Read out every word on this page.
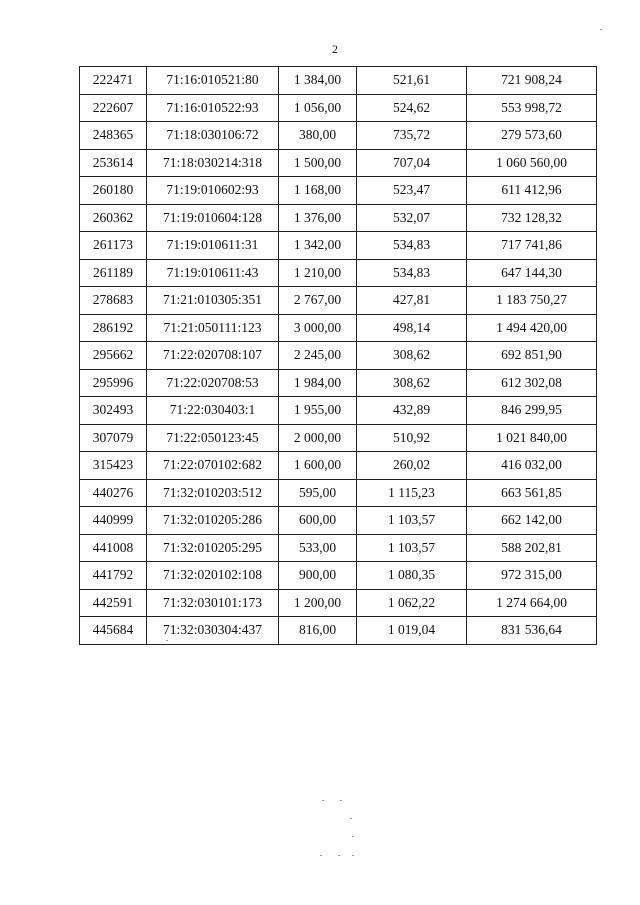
2
222471	71:16:010521:80	1 384,00	521,61	721 908,24
222607	71:16:010522:93	1 056,00	524,62	553 998,72
248365	71:18:030106:72	380,00	735,72	279 573,60
253614	71:18:030214:318	1 500,00	707,04	1 060 560,00
260180	71:19:010602:93	1 168,00	523,47	611 412,96
260362	71:19:010604:128	1 376,00	532,07	732 128,32
261173	71:19:010611:31	1 342,00	534,83	717 741,86
261189	71:19:010611:43	1 210,00	534,83	647 144,30
278683	71:21:010305:351	2 767,00	427,81	1 183 750,27
286192	71:21:050111:123	3 000,00	498,14	1 494 420,00
295662	71:22:020708:107	2 245,00	308,62	692 851,90
295996	71:22:020708:53	1 984,00	308,62	612 302,08
302493	71:22:030403:1	1 955,00	432,89	846 299,95
307079	71:22:050123:45	2 000,00	510,92	1 021 840,00
315423	71:22:070102:682	1 600,00	260,02	416 032,00
440276	71:32:010203:512	595,00	1 115,23	663 561,85
440999	71:32:010205:286	600,00	1 103,57	662 142,00
441008	71:32:010205:295	533,00	1 103,57	588 202,81
441792	71:32:020102:108	900,00	1 080,35	972 315,00
442591	71:32:030101:173	1 200,00	1 062,22	1 274 664,00
445684	71:32:030304:437	816,00	1 019,04	831 536,64
